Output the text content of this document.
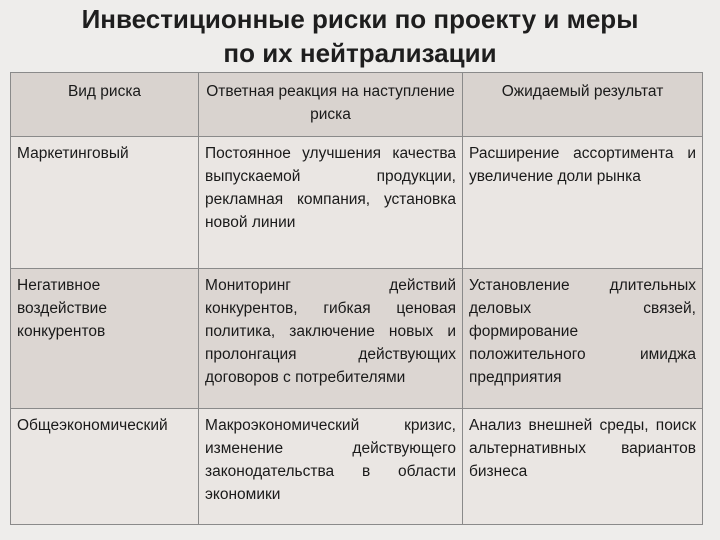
Инвестиционные риски по проекту и меры
по их нейтрализации
Вид риска	Ответная реакция на наступление риска	Ожидаемый результат
Маркетинговый	Постоянное улучшения качества выпускаемой продукции, рекламная компания, установка новой линии	Расширение ассортимента и увеличение доли рынка
Негативное воздействие конкурентов	Мониторинг действий конкурентов, гибкая ценовая политика, заключение новых и пролонгация действующих договоров с потребителями	Установление длительных деловых связей, формирование положительного имиджа предприятия
Общеэкономический	Макроэкономический кризис, изменение действующего законодательства в области экономики	Анализ внешней среды, поиск альтернативных вариантов бизнеса
